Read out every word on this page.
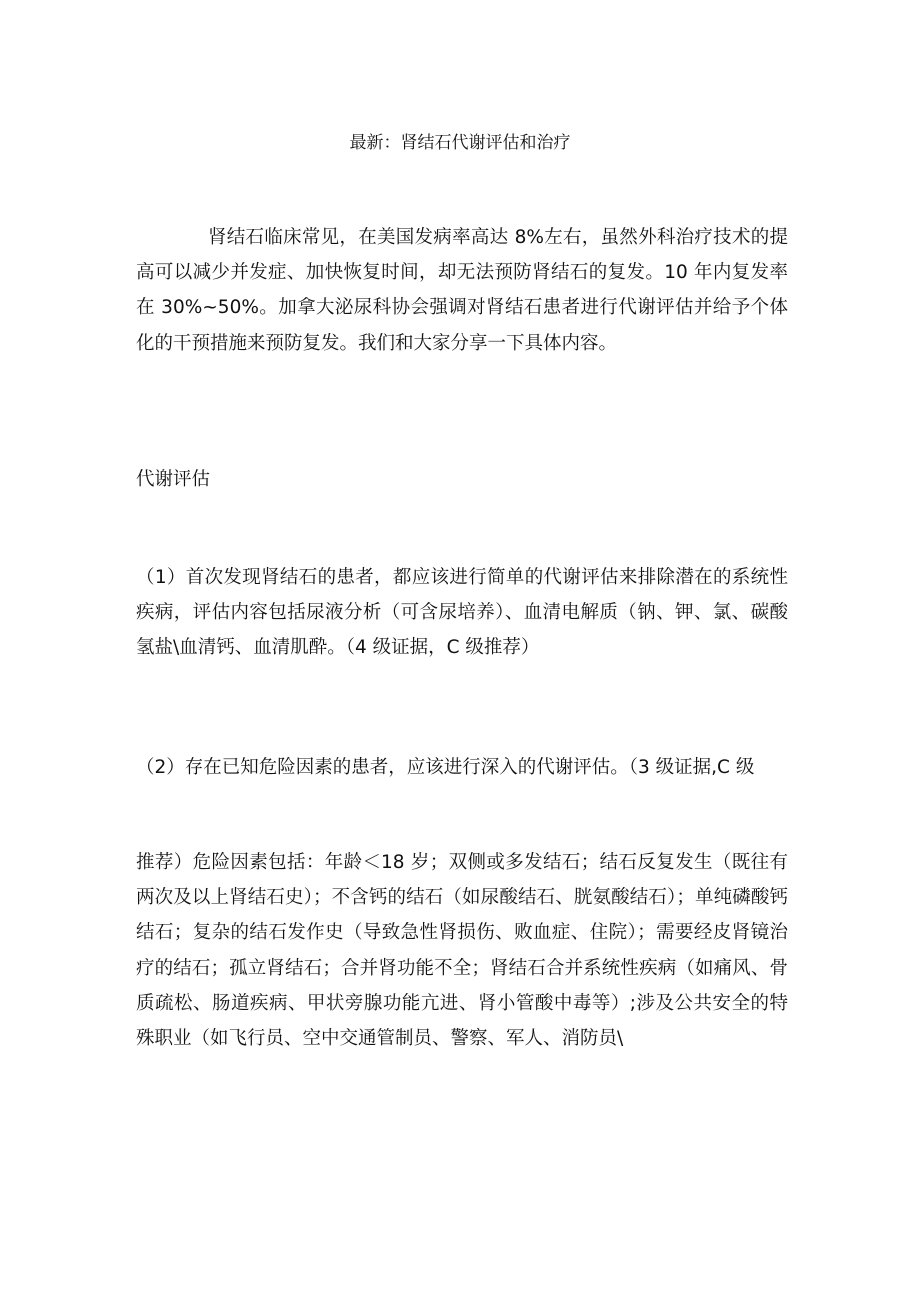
最新：肾结石代谢评估和治疗

肾结石临床常见，在美国发病率高达 8%左右，虽然外科治疗技术的提高可以减少并发症、加快恢复时间，却无法预防肾结石的复发。10 年内复发率在 30%~50%。加拿大泌尿科协会强调对肾结石患者进行代谢评估并给予个体化的干预措施来预防复发。我们和大家分享一下具体内容。

代谢评估

（1）首次发现肾结石的患者，都应该进行简单的代谢评估来排除潜在的系统性疾病，评估内容包括尿液分析（可含尿培养）、血清电解质（钠、钾、氯、碳酸氢盐\血清钙、血清肌酔。（4 级证据，C 级推荐）

（2）存在已知危险因素的患者，应该进行深入的代谢评估。（3 级证据,C 级

推荐）危险因素包括：年龄＜18 岁；双侧或多发结石；结石反复发生（既往有两次及以上肾结石史）；不含钙的结石（如尿酸结石、胱氨酸结石）；单纯磷酸钙结石；复杂的结石发作史（导致急性肾损伤、败血症、住院）；需要经皮肾镜治疗的结石；孤立肾结石；合并肾功能不全；肾结石合并系统性疾病（如痛风、骨质疏松、肠道疾病、甲状旁腺功能亢进、肾小管酸中毒等）;涉及公共安全的特殊职业（如飞行员、空中交通管制员、警察、军人、消防员\
